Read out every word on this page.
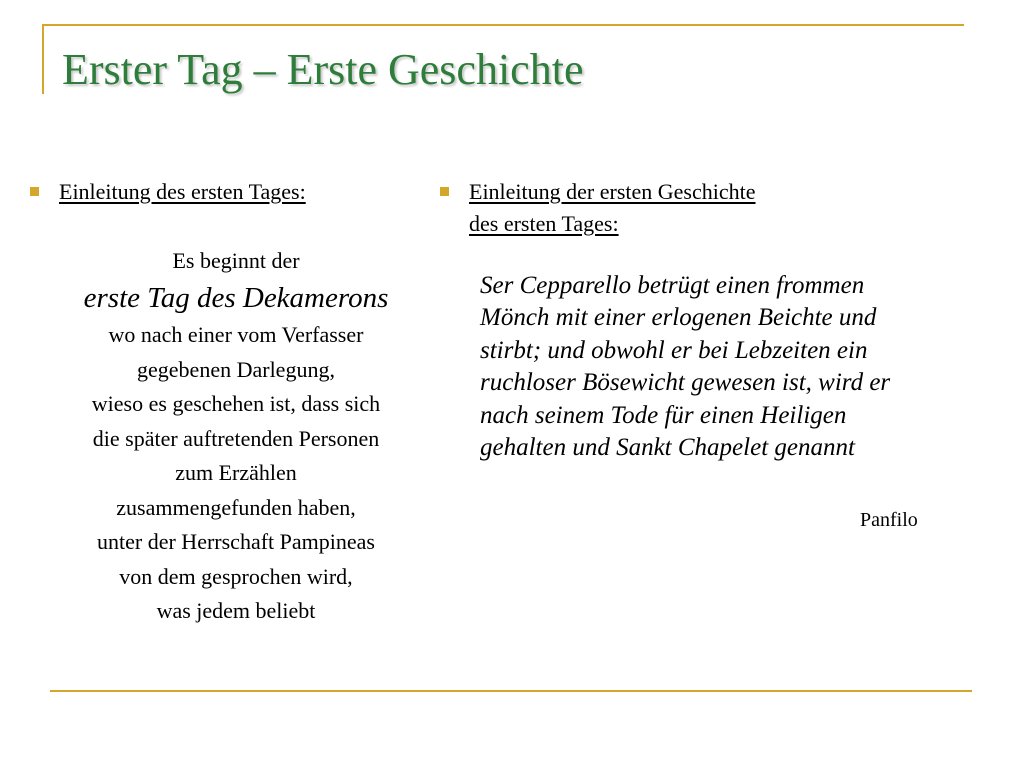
Erster Tag – Erste Geschichte
Einleitung des ersten Tages:
Es beginnt der
erste Tag des Dekamerons
wo nach einer vom Verfasser
gegebenen Darlegung,
wieso es geschehen ist, dass sich
die später auftretenden Personen
zum Erzählen
zusammengefunden haben,
unter der Herrschaft Pampineas
von dem gesprochen wird,
was jedem beliebt
Einleitung der ersten Geschichte
des ersten Tages:
Ser Cepparello betrügt einen frommen
Mönch mit einer erlogenen Beichte und
stirbt; und obwohl er bei Lebzeiten ein
ruchloser Bösewicht gewesen ist, wird er
nach seinem Tode für einen Heiligen
gehalten und Sankt Chapelet genannt
Panfilo
